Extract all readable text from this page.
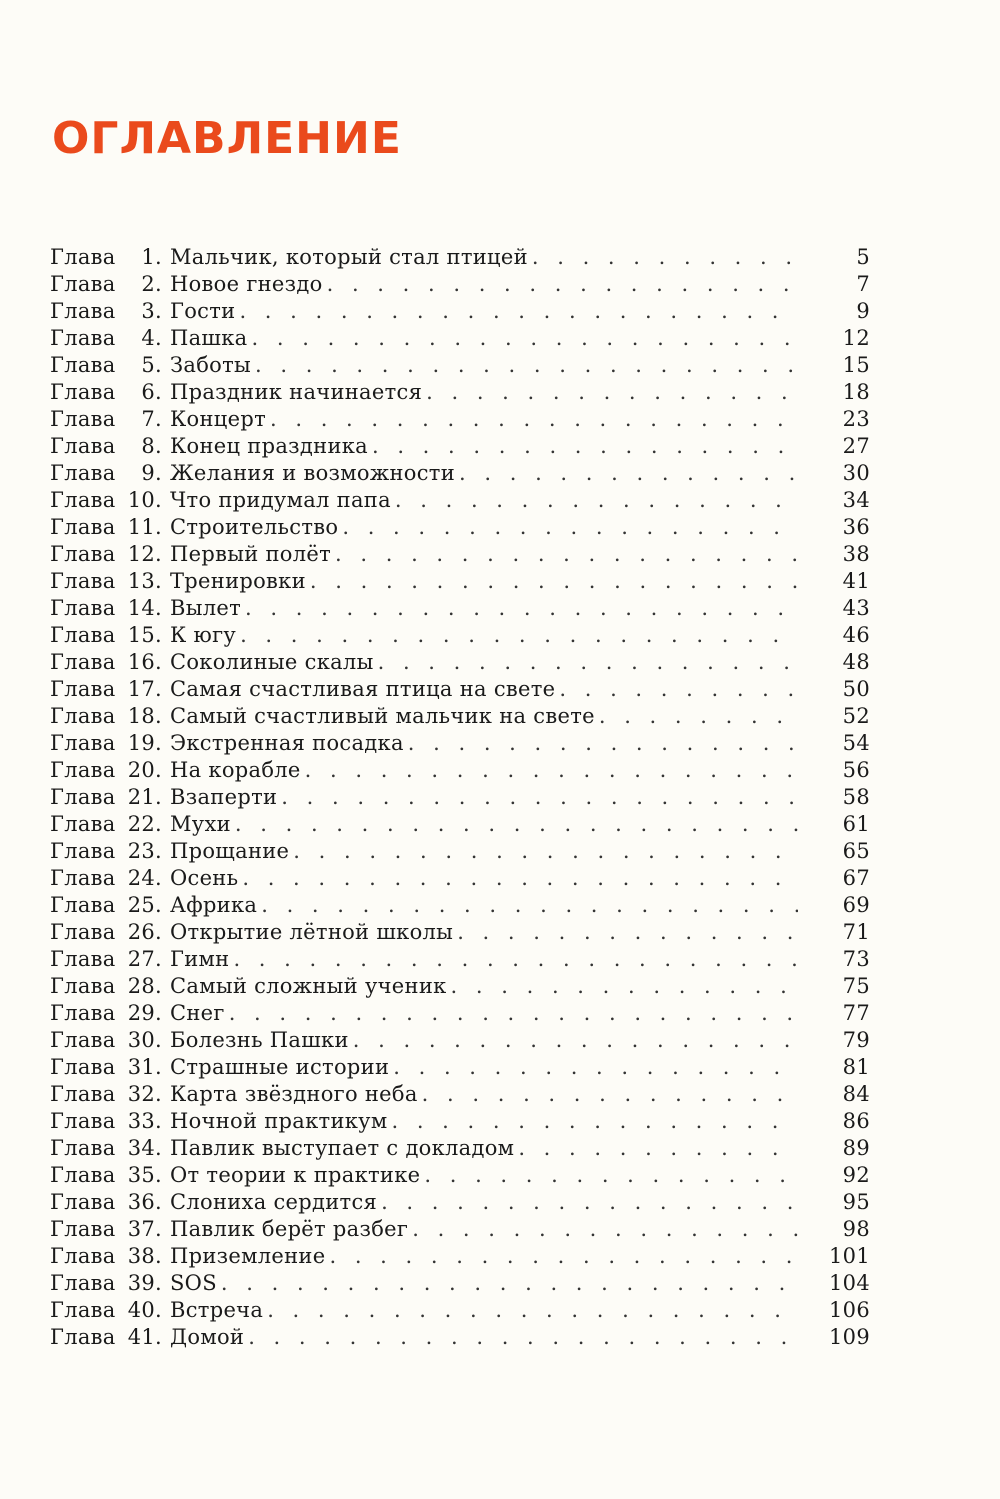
ОГЛАВЛЕНИЕ
Глава	1. Мальчик, который стал птицей . . .	5
Глава	2. Новое гнездо . . .	7
Глава	3. Гости . . .	9
Глава	4. Пашка . . .	12
Глава	5. Заботы . . .	15
Глава	6. Праздник начинается . . .	18
Глава	7. Концерт . . .	23
Глава	8. Конец праздника . . .	27
Глава	9. Желания и возможности . . .	30
Глава 10. Что придумал папа . . .	34
Глава 11. Строительство . . .	36
Глава 12. Первый полёт . . .	38
Глава 13. Тренировки . . .	41
Глава 14. Вылет . . .	43
Глава 15. К югу . . .	46
Глава 16. Соколиные скалы . . .	48
Глава 17. Самая счастливая птица на свете . . .	50
Глава 18. Самый счастливый мальчик на свете . . .	52
Глава 19. Экстренная посадка . . .	54
Глава 20. На корабле . . .	56
Глава 21. Взаперти . . .	58
Глава 22. Мухи . . .	61
Глава 23. Прощание . . .	65
Глава 24. Осень . . .	67
Глава 25. Африка . . .	69
Глава 26. Открытие лётной школы . . .	71
Глава 27. Гимн . . .	73
Глава 28. Самый сложный ученик . . .	75
Глава 29. Снег . . .	77
Глава 30. Болезнь Пашки . . .	79
Глава 31. Страшные истории . . .	81
Глава 32. Карта звёздного неба . . .	84
Глава 33. Ночной практикум . . .	86
Глава 34. Павлик выступает с докладом . . .	89
Глава 35. От теории к практике . . .	92
Глава 36. Слониха сердится . . .	95
Глава 37. Павлик берёт разбег . . .	98
Глава 38. Приземление . . .	101
Глава 39. SOS . . .	104
Глава 40. Встреча . . .	106
Глава 41. Домой . . .	109
